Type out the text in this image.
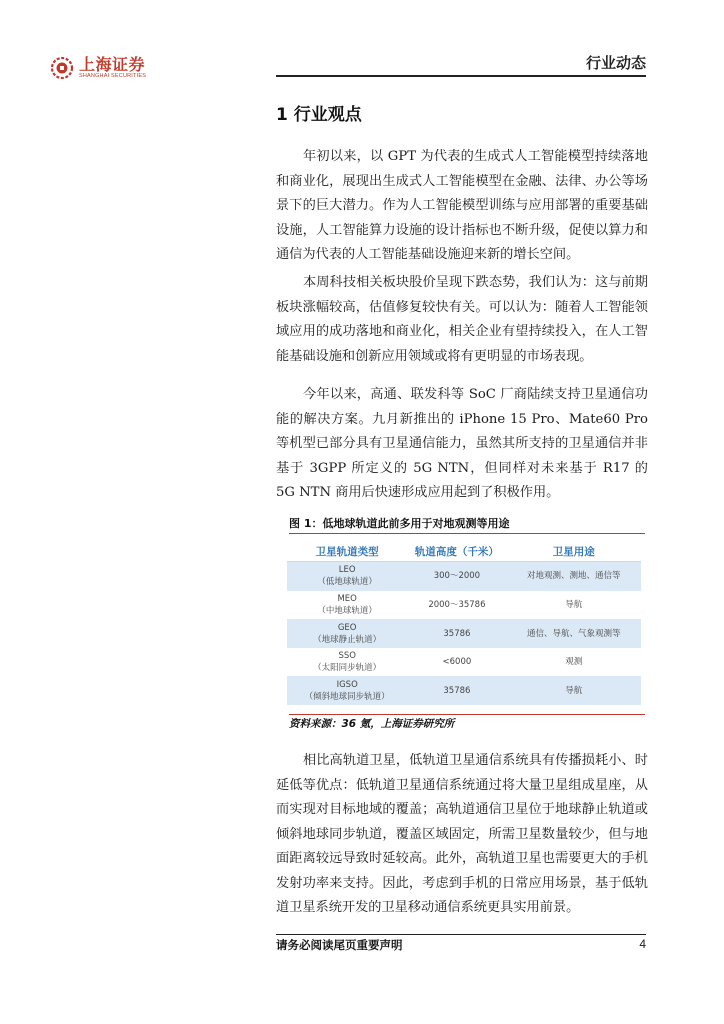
上海证券
SHANGHAI SECURITIES
行业动态
1 行业观点

年初以来，以 GPT 为代表的生成式人工智能模型持续落地和商业化，展现出生成式人工智能模型在金融、法律、办公等场景下的巨大潜力。作为人工智能模型训练与应用部署的重要基础设施，人工智能算力设施的设计指标也不断升级，促使以算力和通信为代表的人工智能基础设施迎来新的增长空间。

本周科技相关板块股价呈现下跌态势，我们认为：这与前期板块涨幅较高，估值修复较快有关。可以认为：随着人工智能领域应用的成功落地和商业化，相关企业有望持续投入，在人工智能基础设施和创新应用领域或将有更明显的市场表现。

今年以来，高通、联发科等 SoC 厂商陆续支持卫星通信功能的解决方案。九月新推出的 iPhone 15 Pro、Mate60 Pro 等机型已部分具有卫星通信能力，虽然其所支持的卫星通信并非基于 3GPP 所定义的 5G NTN，但同样对未来基于 R17 的 5G NTN 商用后快速形成应用起到了积极作用。

图 1：低地球轨道此前多用于对地观测等用途
卫星轨道类型	轨道高度（千米）	卫星用途

LEO
（低地球轨道）	300～2000	对地观测、测地、通信等

MEO
（中地球轨道）	2000～35786	导航

GEO
（地球静止轨道）	35786	通信、导航、气象观测等

SSO
（太阳同步轨道）	<6000	观测

IGSO
（倾斜地球同步轨道）	35786	导航
资料来源：36 氪，上海证券研究所

相比高轨道卫星，低轨道卫星通信系统具有传播损耗小、时延低等优点：低轨道卫星通信系统通过将大量卫星组成星座，从而实现对目标地域的覆盖；高轨道通信卫星位于地球静止轨道或倾斜地球同步轨道，覆盖区域固定，所需卫星数量较少，但与地面距离较远导致时延较高。此外，高轨道卫星也需要更大的手机发射功率来支持。因此，考虑到手机的日常应用场景，基于低轨道卫星系统开发的卫星移动通信系统更具实用前景。

请务必阅读尾页重要声明	4
